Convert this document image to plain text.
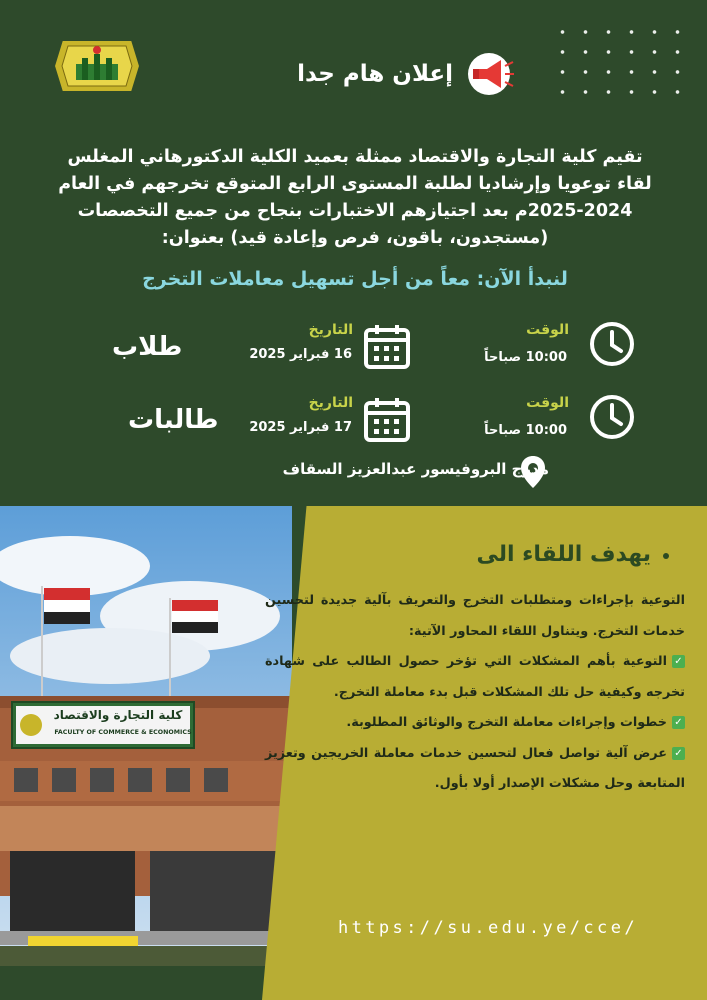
إعلان هام جدا
تقيم كلية التجارة والاقتصاد ممثلة بعميد الكلية الدكتورهاني المغلس
لقاء توعويا وإرشاديا لطلبة المستوى الرابع المتوقع تخرجهم في العام
2025-2024م بعد اجتيازهم الاختبارات بنجاح من جميع التخصصات
(مستجدون، باقون، فرص وإعادة قيد) بعنوان:
لنبدأ الآن: معاً من أجل تسهيل معاملات التخرج
الوقت
10:00 صباحاً
التاريخ
16 فبراير 2025
طلاب
الوقت
10:00 صباحاً
التاريخ
17 فبراير 2025
طالبات
مدرج البروفيسور عبدالعزيز السقاف
كلية التجارة والاقتصاد
FACULTY OF COMMERCE & ECONOMICS
يهدف اللقاء الى

التوعية بإجراءات ومتطلبات التخرج والتعريف بآلية جديدة لتحسين خدمات التخرج. ويتناول اللقاء المحاور الآتية:

✓التوعية بأهم المشكلات التي تؤخر حصول الطالب على شهادة تخرجه وكيفية حل تلك المشكلات قبل بدء معاملة التخرج.

✓خطوات وإجراءات معاملة التخرج والوثائق المطلوبة.

✓عرض آلية تواصل فعال لتحسين خدمات معاملة الخريجين وتعزيز المتابعة وحل مشكلات الإصدار أولا بأول.

https://su.edu.ye/cce/
